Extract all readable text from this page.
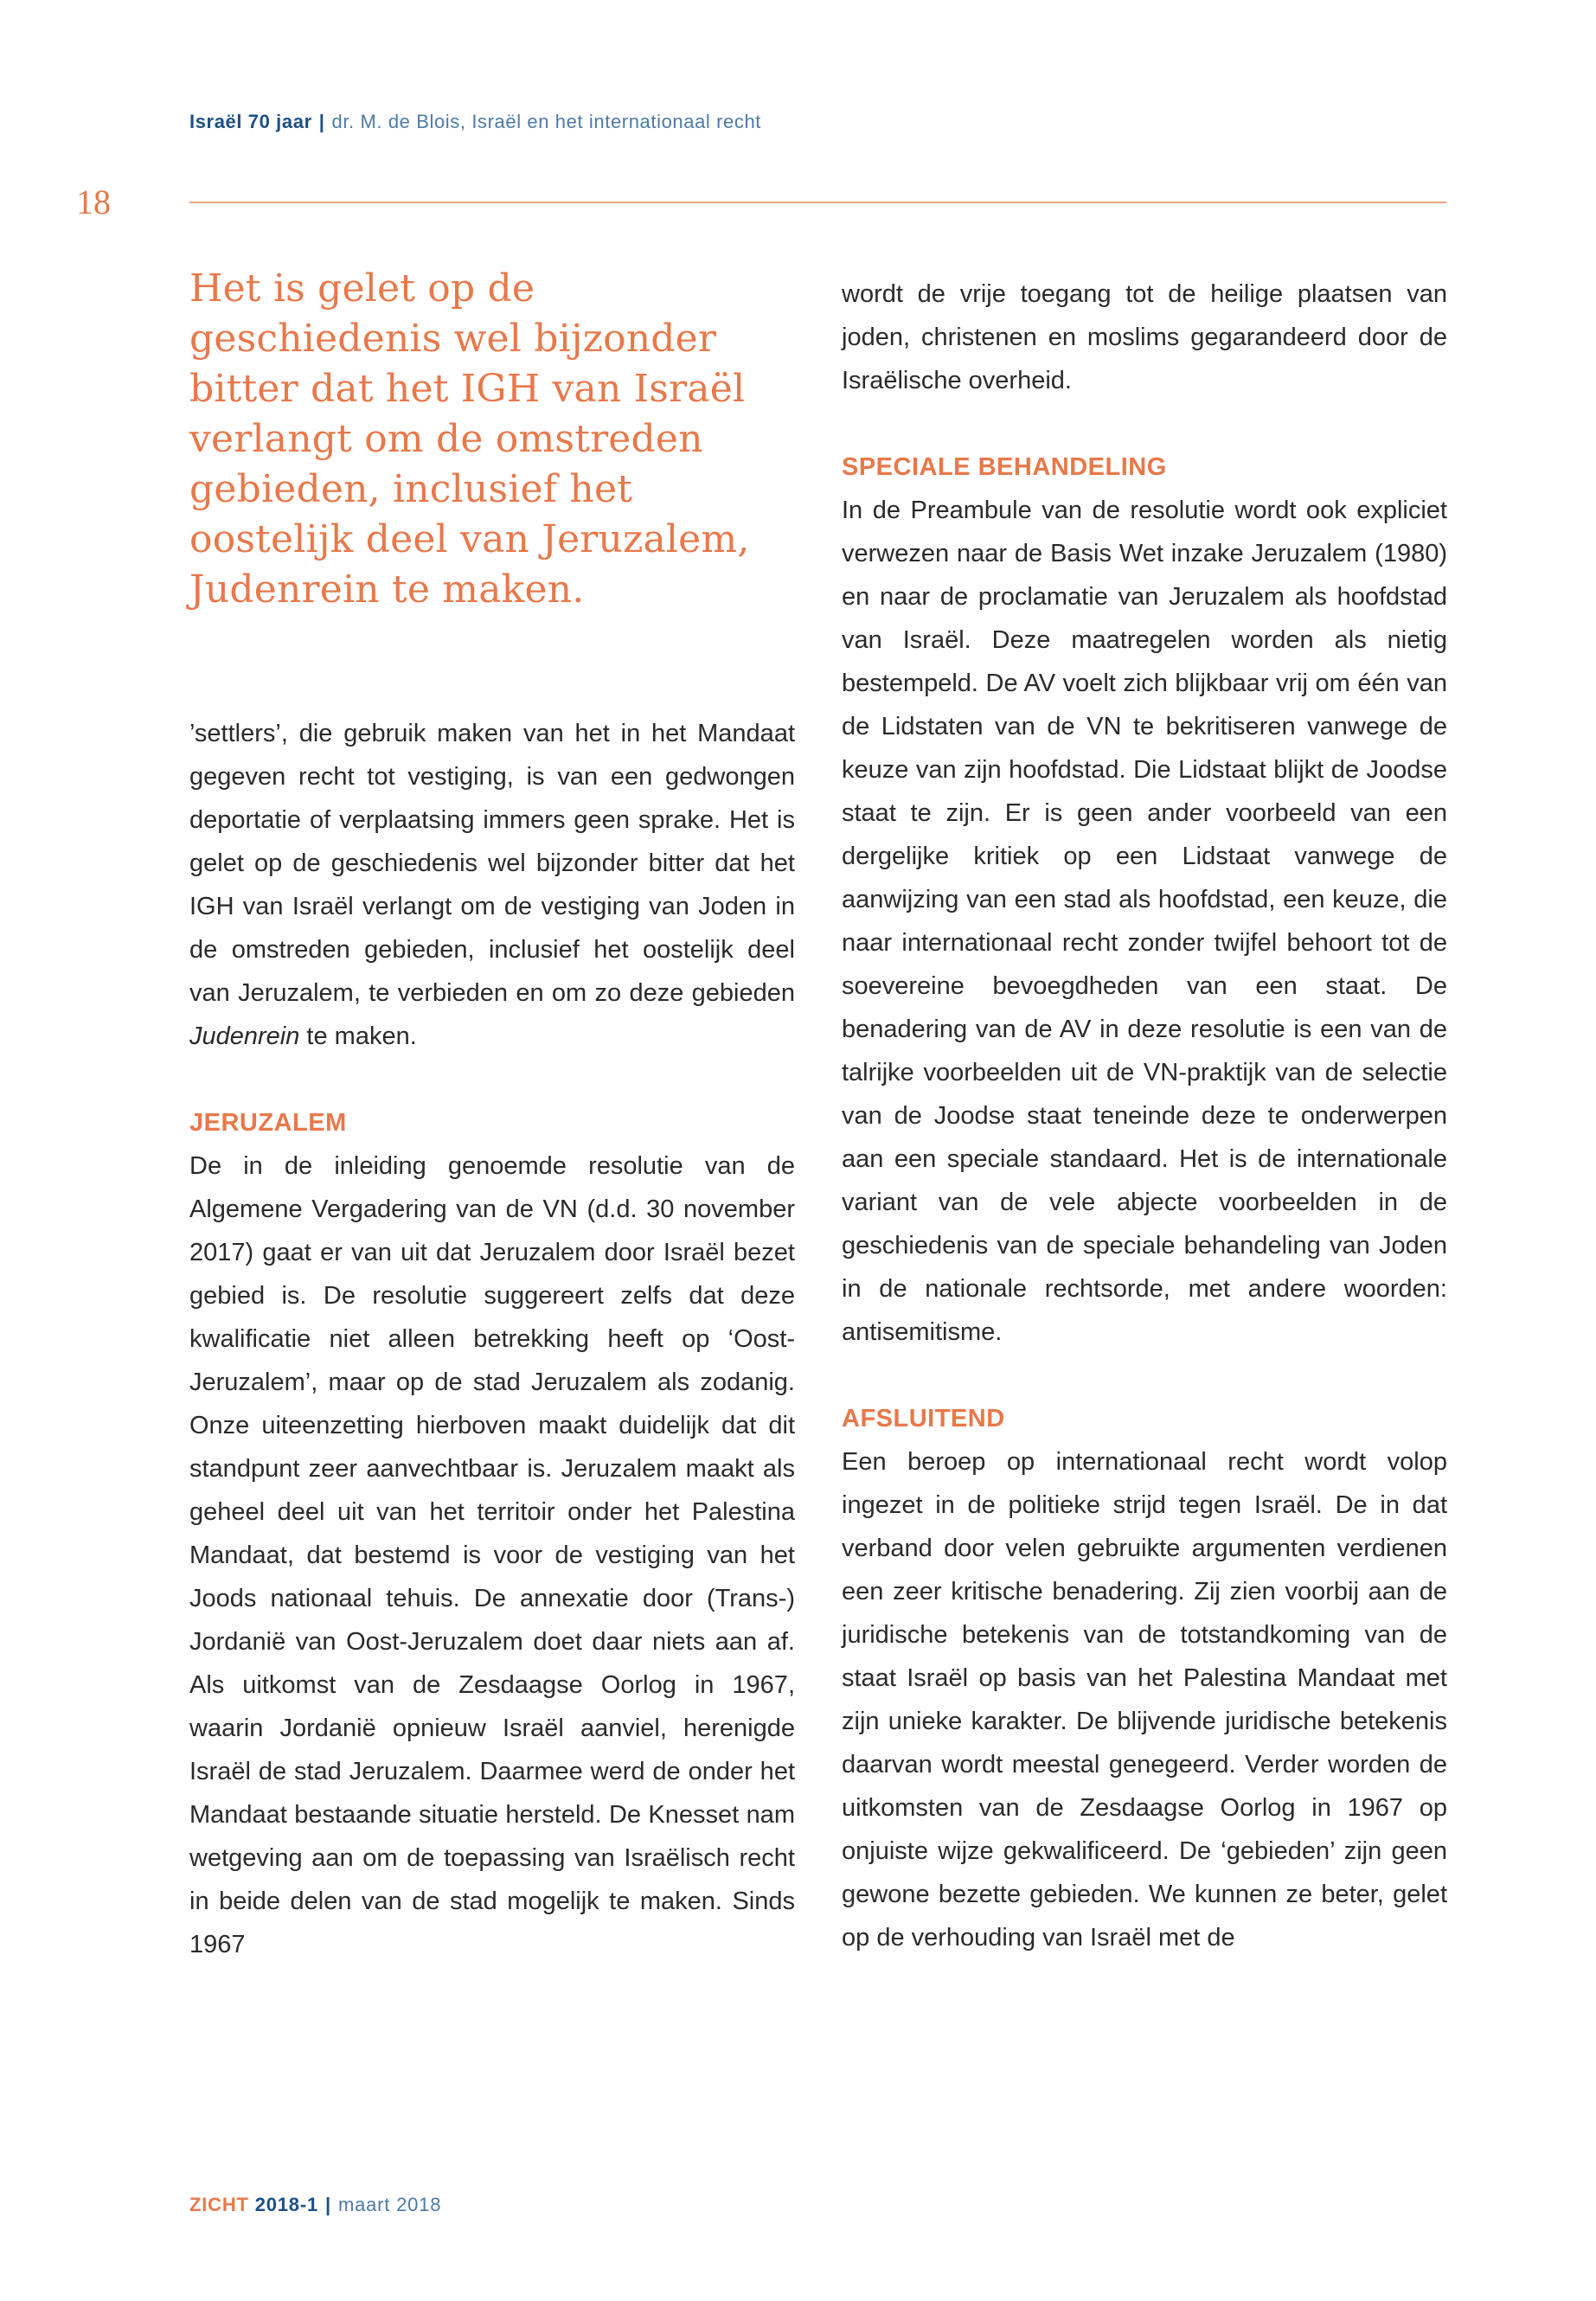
Israël 70 jaar | dr. M. de Blois, Israël en het internationaal recht
18

Het is gelet op de geschiedenis wel bijzonder bitter dat het IGH van Israël verlangt om de omstreden gebieden, inclusief het oostelijk deel van Jeruzalem, Judenrein te maken.

’settlers’, die gebruik maken van het in het Mandaat gegeven recht tot vestiging, is van een gedwongen deportatie of verplaatsing immers geen sprake. Het is gelet op de geschiedenis wel bijzonder bitter dat het IGH van Israël verlangt om de vestiging van Joden in de omstreden gebieden, inclusief het oostelijk deel van Jeruzalem, te verbieden en om zo deze gebieden Judenrein te maken.

JERUZALEM

De in de inleiding genoemde resolutie van de Algemene Vergadering van de VN (d.d. 30 november 2017) gaat er van uit dat Jeruzalem door Israël bezet gebied is. De resolutie suggereert zelfs dat deze kwalificatie niet alleen betrekking heeft op ‘Oost-Jeruzalem’, maar op de stad Jeruzalem als zodanig. Onze uiteenzetting hierboven maakt duidelijk dat dit standpunt zeer aanvechtbaar is. Jeruzalem maakt als geheel deel uit van het territoir onder het Palestina Mandaat, dat bestemd is voor de vestiging van het Joods nationaal tehuis. De annexatie door (Trans-) Jordanië van Oost-Jeruzalem doet daar niets aan af. Als uitkomst van de Zesdaagse Oorlog in 1967, waarin Jordanië opnieuw Israël aanviel, herenigde Israël de stad Jeruzalem. Daarmee werd de onder het Mandaat bestaande situatie hersteld. De Knesset nam wetgeving aan om de toepassing van Israëlisch recht in beide delen van de stad mogelijk te maken. Sinds 1967

wordt de vrije toegang tot de heilige plaatsen van joden, christenen en moslims gegarandeerd door de Israëlische overheid.

SPECIALE BEHANDELING

In de Preambule van de resolutie wordt ook expliciet verwezen naar de Basis Wet inzake Jeruzalem (1980) en naar de proclamatie van Jeruzalem als hoofdstad van Israël. Deze maatregelen worden als nietig bestempeld. De AV voelt zich blijkbaar vrij om één van de Lidstaten van de VN te bekritiseren vanwege de keuze van zijn hoofdstad. Die Lidstaat blijkt de Joodse staat te zijn. Er is geen ander voorbeeld van een dergelijke kritiek op een Lidstaat vanwege de aanwijzing van een stad als hoofdstad, een keuze, die naar internationaal recht zonder twijfel behoort tot de soevereine bevoegdheden van een staat. De benadering van de AV in deze resolutie is een van de talrijke voorbeelden uit de VN-praktijk van de selectie van de Joodse staat teneinde deze te onderwerpen aan een speciale standaard. Het is de internationale variant van de vele abjecte voorbeelden in de geschiedenis van de speciale behandeling van Joden in de nationale rechtsorde, met andere woorden: antisemitisme.

AFSLUITEND

Een beroep op internationaal recht wordt volop ingezet in de politieke strijd tegen Israël. De in dat verband door velen gebruikte argumenten verdienen een zeer kritische benadering. Zij zien voorbij aan de juridische betekenis van de totstandkoming van de staat Israël op basis van het Palestina Mandaat met zijn unieke karakter. De blijvende juridische betekenis daarvan wordt meestal genegeerd. Verder worden de uitkomsten van de Zesdaagse Oorlog in 1967 op onjuiste wijze gekwalificeerd. De ‘gebieden’ zijn geen gewone bezette gebieden. We kunnen ze beter, gelet op de verhouding van Israël met de

ZICHT 2018-1 | maart 2018
